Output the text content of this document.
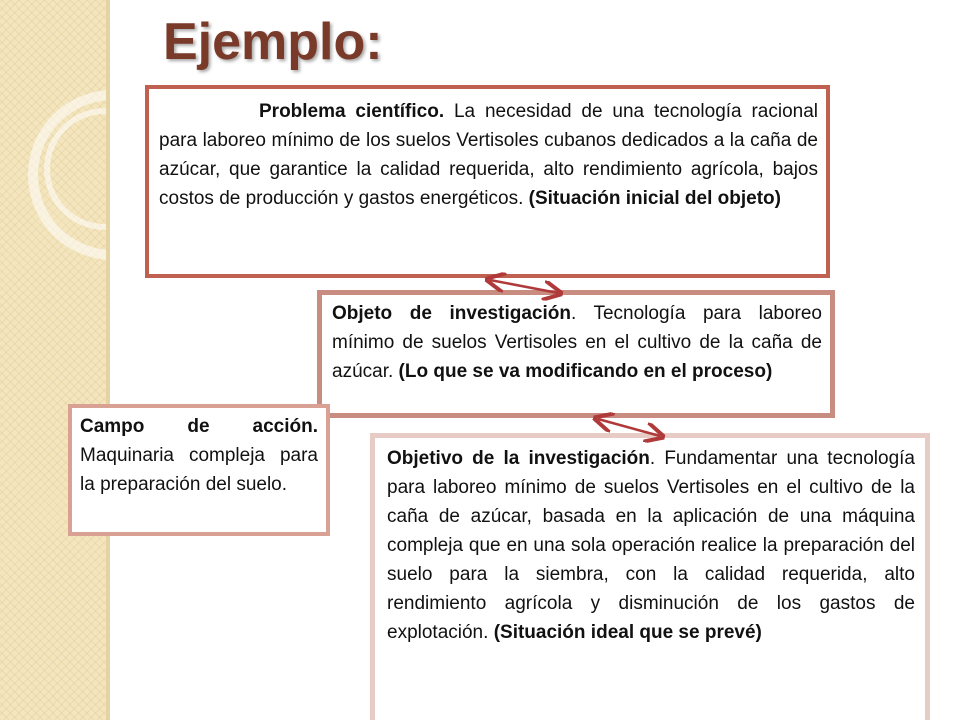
Ejemplo:
Problema científico. La necesidad de una tecnología racional para laboreo mínimo de los suelos Vertisoles cubanos dedicados a la caña de azúcar, que garantice la calidad requerida, alto rendimiento agrícola, bajos costos de producción y gastos energéticos. (Situación inicial del objeto)
Objeto de investigación. Tecnología para laboreo mínimo de suelos Vertisoles en el cultivo de la caña de azúcar. (Lo que se va modificando en el proceso)
Campo de acción. Maquinaria compleja para la preparación del suelo.
Objetivo de la investigación. Fundamentar una tecnología para laboreo mínimo de suelos Vertisoles en el cultivo de la caña de azúcar, basada en la aplicación de una máquina compleja que en una sola operación realice la preparación del suelo para la siembra, con la calidad requerida, alto rendimiento agrícola y disminución de los gastos de explotación. (Situación ideal que se prevé)
